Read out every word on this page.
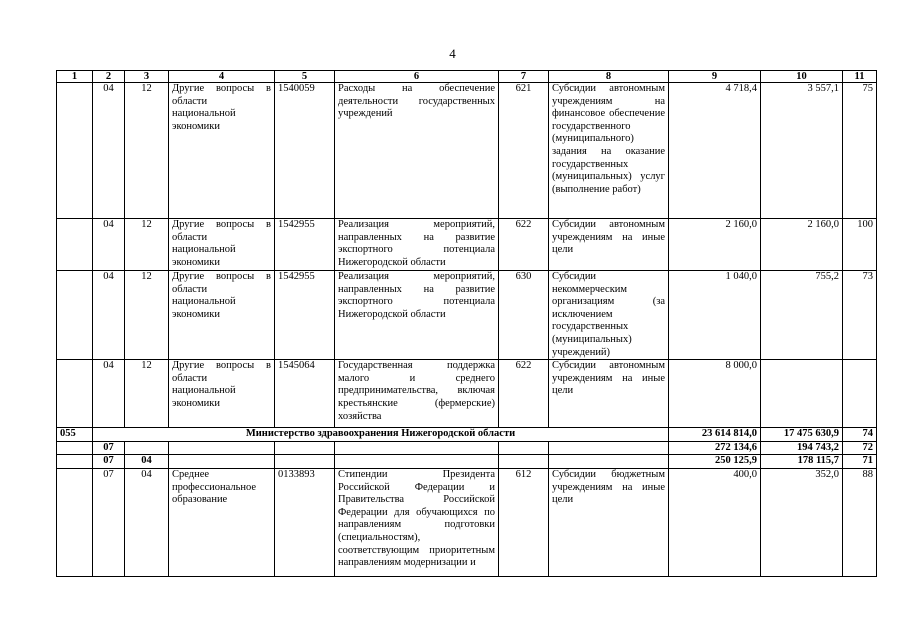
4
1	2	3	4	5	6	7	8	9	10	11
	04	12	Другие вопросы в области национальной экономики	1540059	Расходы на обеспечение деятельности государственных учреждений	621	Субсидии автономным учреждениям на финансовое обеспечение государственного (муниципального) задания на оказание государственных (муниципальных) услуг (выполнение работ)	4 718,4	3 557,1	75
	04	12	Другие вопросы в области национальной экономики	1542955	Реализация мероприятий, направленных на развитие экспортного потенциала Нижегородской области	622	Субсидии автономным учреждениям на иные цели	2 160,0	2 160,0	100
	04	12	Другие вопросы в области национальной экономики	1542955	Реализация мероприятий, направленных на развитие экспортного потенциала Нижегородской области	630	Субсидии некоммерческим организациям (за исключением государственных (муниципальных) учреждений)	1 040,0	755,2	73
	04	12	Другие вопросы в области национальной экономики	1545064	Государственная поддержка малого и среднего предпринимательства, включая крестьянские (фермерские) хозяйства	622	Субсидии автономным учреждениям на иные цели	8 000,0		
055	Министерство здравоохранения Нижегородской области							23 614 814,0	17 475 630,9	74
	07							272 134,6	194 743,2	72
	07	04						250 125,9	178 115,7	71
	07	04	Среднее профессиональное образование	0133893	Стипендии Президента Российской Федерации и Правительства Российской Федерации для обучающихся по направлениям подготовки (специальностям), соответствующим приоритетным направлениям модернизации и	612	Субсидии бюджетным учреждениям на иные цели	400,0	352,0	88
